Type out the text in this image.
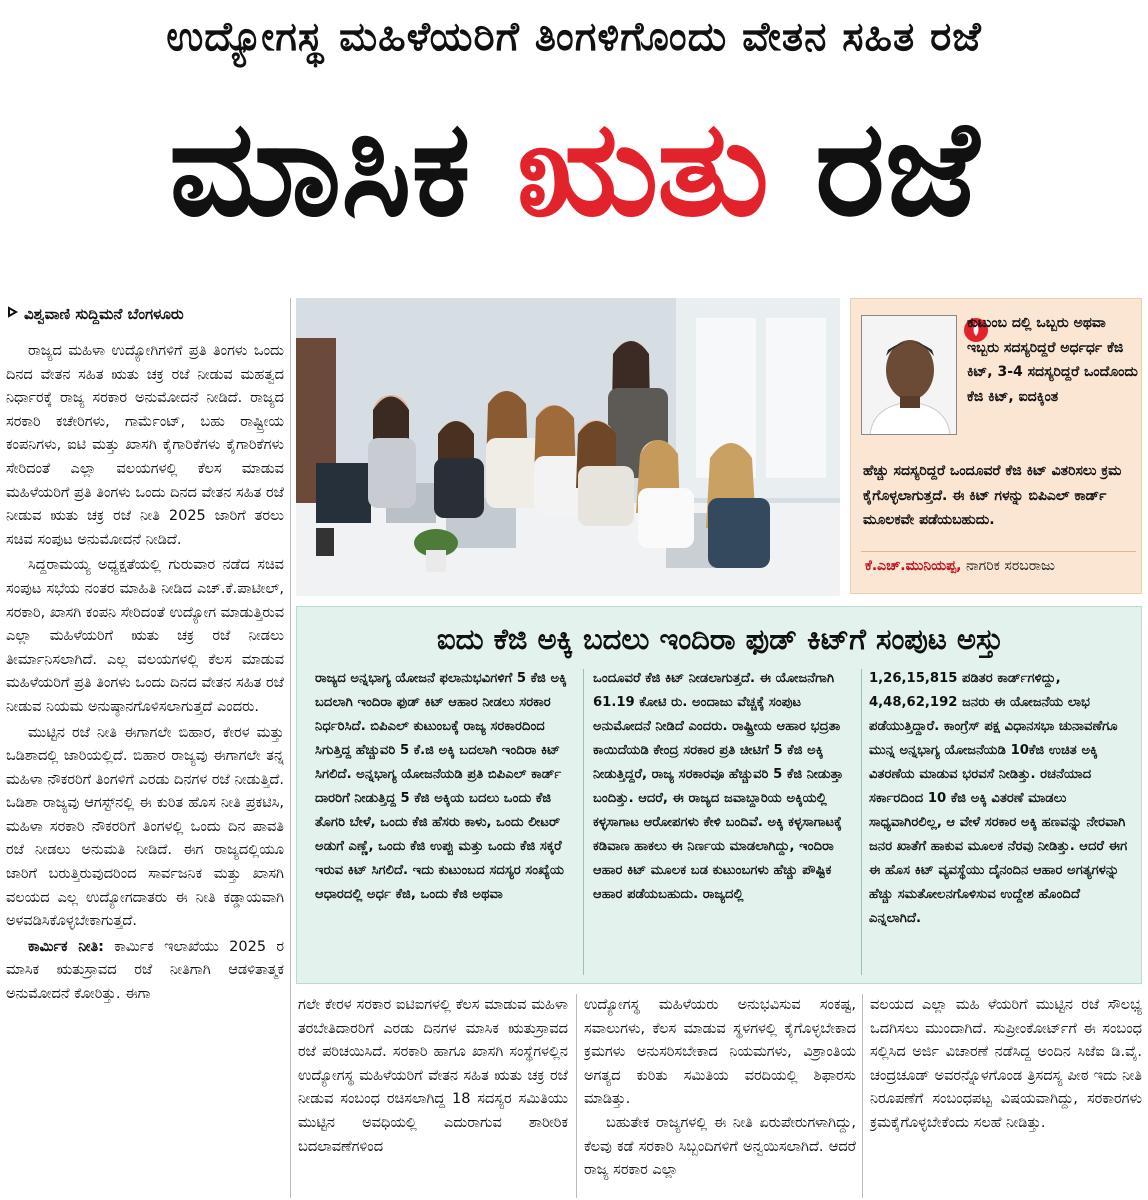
ಉದ್ಯೋಗಸ್ಥ ಮಹಿಳೆಯರಿಗೆ ತಿಂಗಳಿಗೊಂದು ವೇತನ ಸಹಿತ ರಜೆ
ಮಾಸಿಕ ಋತು ರಜೆ
ವಿಶ್ವವಾಣಿ ಸುದ್ದಿಮನೆ ಬೆಂಗಳೂರು

ರಾಜ್ಯದ ಮಹಿಳಾ ಉದ್ಯೋಗಿಗಳಿಗೆ ಪ್ರತಿ ತಿಂಗಳು ಒಂದು ದಿನದ ವೇತನ ಸಹಿತ ಋತು ಚಕ್ರ ರಜೆ ನೀಡುವ ಮಹತ್ವದ ನಿರ್ಧಾರಕ್ಕೆ ರಾಜ್ಯ ಸರಕಾರ ಅನುಮೋದನೆ ನೀಡಿದೆ. ರಾಜ್ಯದ ಸರಕಾರಿ ಕಚೇರಿಗಳು, ಗಾರ್ಮೆಂಟ್, ಬಹು ರಾಷ್ಟ್ರೀಯ ಕಂಪನಿಗಳು, ಐಟಿ ಮತ್ತು ಖಾಸಗಿ ಕೈಗಾರಿಕೆಗಳು ಕೈಗಾರಿಕೆಗಳು ಸೇರಿದಂತೆ ಎಲ್ಲಾ ವಲಯಗಳಲ್ಲಿ ಕೆಲಸ ಮಾಡುವ ಮಹಿಳೆಯರಿಗೆ ಪ್ರತಿ ತಿಂಗಳು ಒಂದು ದಿನದ ವೇತನ ಸಹಿತ ರಜೆ ನೀಡುವ ಋತು ಚಕ್ರ ರಜೆ ನೀತಿ 2025 ಜಾರಿಗೆ ತರಲು ಸಚಿವ ಸಂಪುಟ ಅನುಮೋದನೆ ನೀಡಿದೆ.

ಸಿದ್ದರಾಮಯ್ಯ ಅಧ್ಯಕ್ಷತೆಯಲ್ಲಿ ಗುರುವಾರ ನಡೆದ ಸಚಿವ ಸಂಪುಟ ಸಭೆಯ ನಂತರ ಮಾಹಿತಿ ನೀಡಿದ ಎಚ್.ಕೆ.ಪಾಟೀಲ್, ಸರಕಾರಿ, ಖಾಸಗಿ ಕಂಪನಿ ಸೇರಿದಂತೆ ಉದ್ಯೋಗ ಮಾಡುತ್ತಿರುವ ಎಲ್ಲಾ ಮಹಿಳೆಯರಿಗೆ ಋತು ಚಕ್ರ ರಜೆ ನೀಡಲು ತೀರ್ಮಾನಿಸಲಾಗಿದೆ. ಎಲ್ಲ ವಲಯಗಳಲ್ಲಿ ಕೆಲಸ ಮಾಡುವ ಮಹಿಳೆಯರಿಗೆ ಪ್ರತಿ ತಿಂಗಳು ಒಂದು ದಿನದ ವೇತನ ಸಹಿತ ರಜೆ ನೀಡುವ ನಿಯಮ ಅನುಷ್ಠಾನಗೊಳಿಸಲಾಗುತ್ತದೆ ಎಂದರು.

ಮುಟ್ಟಿನ ರಜೆ ನೀತಿ ಈಗಾಗಲೇ ಬಿಹಾರ, ಕೇರಳ ಮತ್ತು ಒಡಿಶಾದಲ್ಲಿ ಜಾರಿಯಲ್ಲಿದೆ. ಬಿಹಾರ ರಾಜ್ಯವು ಈಗಾಗಲೇ ತನ್ನ ಮಹಿಳಾ ನೌಕರರಿಗೆ ತಿಂಗಳಿಗೆ ಎರಡು ದಿನಗಳ ರಜೆ ನೀಡುತ್ತಿದೆ. ಒಡಿಶಾ ರಾಜ್ಯವು ಆಗಸ್ಟ್‌ನಲ್ಲಿ ಈ ಕುರಿತ ಹೊಸ ನೀತಿ ಪ್ರಕಟಿಸಿ, ಮಹಿಳಾ ಸರಕಾರಿ ನೌಕರರಿಗೆ ತಿಂಗಳಲ್ಲಿ ಒಂದು ದಿನ ಪಾವತಿ ರಜೆ ನೀಡಲು ಅನುಮತಿ ನೀಡಿದೆ. ಈಗ ರಾಜ್ಯದಲ್ಲಿಯೂ ಜಾರಿಗೆ ಬರುತ್ತಿರುವುದರಿಂದ ಸಾರ್ವಜನಿಕ ಮತ್ತು ಖಾಸಗಿ ವಲಯದ ಎಲ್ಲ ಉದ್ಯೋಗದಾತರು ಈ ನೀತಿ ಕಡ್ಡಾಯವಾಗಿ ಅಳವಡಿಸಿಕೊಳ್ಳಬೇಕಾಗುತ್ತದೆ.

ಕಾರ್ಮಿಕ ನೀತಿ: ಕಾರ್ಮಿಕ ಇಲಾಖೆಯು 2025 ರ ಮಾಸಿಕ ಋತುಸ್ರಾವದ ರಜೆ ನೀತಿಗಾಗಿ ಆಡಳಿತಾತ್ಮಕ ಅನುಮೋದನೆ ಕೋರಿತ್ತು. ಈಗಾ

ಕುಟುಂಬ ದಲ್ಲಿ ಒಬ್ಬರು ಅಥವಾ ಇಬ್ಬರು ಸದಸ್ಯರಿದ್ದರೆ ಅರ್ಧರ್ಧ ಕೆಜಿ ಕಿಟ್, 3-4 ಸದಸ್ಯರಿದ್ದರೆ ಒಂದೊಂದು ಕೆಜಿ ಕಿಟ್, ಐದಕ್ಕಿಂತ
ಹೆಚ್ಚು ಸದಸ್ಯರಿದ್ದರೆ ಒಂದೂವರೆ ಕೆಜಿ ಕಿಟ್ ವಿತರಿಸಲು ಕ್ರಮ ಕೈಗೊಳ್ಳಲಾಗುತ್ತದೆ. ಈ ಕಿಟ್ ಗಳನ್ನು ಬಿಪಿಎಲ್ ಕಾರ್ಡ್ ಮೂಲಕವೇ ಪಡೆಯಬಹುದು.
ಕೆ.ಎಚ್.ಮುನಿಯಪ್ಪ, ನಾಗರಿಕ ಸರಬರಾಜು
ಐದು ಕೆಜಿ ಅಕ್ಕಿ ಬದಲು ಇಂದಿರಾ ಫುಡ್ ಕಿಟ್‌ಗೆ ಸಂಪುಟ ಅಸ್ತು
ರಾಜ್ಯದ ಅನ್ನಭಾಗ್ಯ ಯೋಜನೆ ಫಲಾನುಭವಿಗಳಿಗೆ 5 ಕೆಜಿ ಅಕ್ಕಿ ಬದಲಾಗಿ ಇಂದಿರಾ ಫುಡ್ ಕಿಟ್ ಆಹಾರ ನೀಡಲು ಸರಕಾರ ನಿರ್ಧರಿಸಿದೆ. ಬಿಪಿಎಲ್ ಕುಟುಂಬಕ್ಕೆ ರಾಜ್ಯ ಸರಕಾರದಿಂದ ಸಿಗುತ್ತಿದ್ದ ಹೆಚ್ಚುವರಿ 5 ಕೆ.ಜಿ ಅಕ್ಕಿ ಬದಲಾಗಿ ಇಂದಿರಾ ಕಿಟ್ ಸಿಗಲಿದೆ. ಅನ್ನಭಾಗ್ಯ ಯೋಜನೆಯಡಿ ಪ್ರತಿ ಬಿಪಿಎಲ್ ಕಾರ್ಡ್ ದಾರರಿಗೆ ನೀಡುತ್ತಿದ್ದ 5 ಕೆಜಿ ಅಕ್ಕಿಯ ಬದಲು ಒಂದು ಕೆಜಿ ತೊಗರಿ ಬೇಳೆ, ಒಂದು ಕೆಜಿ ಹೆಸರು ಕಾಳು, ಒಂದು ಲೀಟರ್ ಅಡುಗೆ ಎಣ್ಣೆ, ಒಂದು ಕೆಜಿ ಉಪ್ಪು ಮತ್ತು ಒಂದು ಕೆಜಿ ಸಕ್ಕರೆ ಇರುವ ಕಿಟ್ ಸಿಗಲಿದೆ. ಇದು ಕುಟುಂಬದ ಸದಸ್ಯರ ಸಂಖ್ಯೆಯ ಆಧಾರದಲ್ಲಿ ಅರ್ಧ ಕೆಜಿ, ಒಂದು ಕೆಜಿ ಅಥವಾ
ಒಂದೂವರೆ ಕೆಜಿ ಕಿಟ್ ನೀಡಲಾಗುತ್ತದೆ. ಈ ಯೋಜನೆಗಾಗಿ 61.19 ಕೋಟಿ ರು. ಅಂದಾಜು ವೆಚ್ಚಕ್ಕೆ ಸಂಪುಟ ಅನುಮೋದನೆ ನೀಡಿದೆ ಎಂದರು. ರಾಷ್ಟ್ರೀಯ ಆಹಾರ ಭದ್ರತಾ ಕಾಯಿದೆಯಡಿ ಕೇಂದ್ರ ಸರಕಾರ ಪ್ರತಿ ಚೀಟಿಗೆ 5 ಕೆಜಿ ಅಕ್ಕಿ ನೀಡುತ್ತಿದ್ದರೆ, ರಾಜ್ಯ ಸರಕಾರವೂ ಹೆಚ್ಚುವರಿ 5 ಕೆಜಿ ನೀಡುತ್ತಾ ಬಂದಿತ್ತು. ಆದರೆ, ಈ ರಾಜ್ಯದ ಜವಾಬ್ದಾರಿಯ ಅಕ್ಕಿಯಲ್ಲಿ ಕಳ್ಳಸಾಗಾಟ ಆರೋಪಗಳು ಕೇಳಿ ಬಂದಿವೆ. ಅಕ್ಕಿ ಕಳ್ಳಸಾಗಾಟಕ್ಕೆ ಕಡಿವಾಣ ಹಾಕಲು ಈ ನಿರ್ಣಯ ಮಾಡಲಾಗಿದ್ದು, ಇಂದಿರಾ ಆಹಾರ ಕಿಟ್ ಮೂಲಕ ಬಡ ಕುಟುಂಬಗಳು ಹೆಚ್ಚು ಪೌಷ್ಟಿಕ ಆಹಾರ ಪಡೆಯಬಹುದು. ರಾಜ್ಯದಲ್ಲಿ
1,26,15,815 ಪಡಿತರ ಕಾರ್ಡ್‌ಗಳಿದ್ದು, 4,48,62,192 ಜನರು ಈ ಯೋಜನೆಯ ಲಾಭ ಪಡೆಯುತ್ತಿದ್ದಾರೆ. ಕಾಂಗ್ರೆಸ್ ಪಕ್ಷ ವಿಧಾನಸಭಾ ಚುನಾವಣೆಗೂ ಮುನ್ನ ಅನ್ನಭಾಗ್ಯ ಯೋಜನೆಯಡಿ 10ಕೆಜಿ ಉಚಿತ ಅಕ್ಕಿ ವಿತರಣೆಯ ಮಾಡುವ ಭರವಸೆ ನೀಡಿತ್ತು. ರಚನೆಯಾದ ಸರ್ಕಾರದಿಂದ 10 ಕೆಜಿ ಅಕ್ಕಿ ವಿತರಣೆ ಮಾಡಲು ಸಾಧ್ಯವಾಗಿರಲಿಲ್ಲ, ಆ ವೇಳೆ ಸರಕಾರ ಅಕ್ಕಿ ಹಣವನ್ನು ನೇರವಾಗಿ ಜನರ ಖಾತೆಗೆ ಹಾಕುವ ಮೂಲಕ ನೆರವು ನೀಡಿತ್ತು. ಆದರೆ ಈಗ ಈ ಹೊಸ ಕಿಟ್ ವ್ಯವಸ್ಥೆಯು ದೈನಂದಿನ ಆಹಾರ ಅಗತ್ಯಗಳನ್ನು ಹೆಚ್ಚು ಸಮತೋಲನಗೊಳಿಸುವ ಉದ್ದೇಶ ಹೊಂದಿದೆ ಎನ್ನಲಾಗಿದೆ.
ಗಲೇ ಕೇರಳ ಸರಕಾರ ಐಟಿಐಗಳಲ್ಲಿ ಕೆಲಸ ಮಾಡುವ ಮಹಿಳಾ ತರಬೇತಿದಾರರಿಗೆ ಎರಡು ದಿನಗಳ ಮಾಸಿಕ ಋತುಸ್ರಾವದ ರಜೆ ಪರಿಚಯಿಸಿದೆ. ಸರಕಾರಿ ಹಾಗೂ ಖಾಸಗಿ ಸಂಸ್ಥೆಗಳಲ್ಲಿನ ಉದ್ಯೋಗಸ್ಥ ಮಹಿಳೆಯರಿಗೆ ವೇತನ ಸಹಿತ ಋತು ಚಕ್ರ ರಜೆ ನೀಡುವ ಸಂಬಂಧ ರಚಿಸಲಾಗಿದ್ದ 18 ಸದಸ್ಯರ ಸಮಿತಿಯು ಮುಟ್ಟಿನ ಅವಧಿಯಲ್ಲಿ ಎದುರಾಗುವ ಶಾರೀರಿಕ ಬದಲಾವಣೆಗಳಿಂದ

ಉದ್ಯೋಗಸ್ಥ ಮಹಿಳೆಯರು ಅನುಭವಿಸುವ ಸಂಕಷ್ಟ, ಸವಾಲುಗಳು, ಕೆಲಸ ಮಾಡುವ ಸ್ಥಳಗಳಲ್ಲಿ ಕೈಗೊಳ್ಳಬೇಕಾದ ಕ್ರಮಗಳು ಅನುಸರಿಸಬೇಕಾದ ನಿಯಮಗಳು, ವಿಶ್ರಾಂತಿಯ ಅಗತ್ಯದ ಕುರಿತು ಸಮಿತಿಯ ವರದಿಯಲ್ಲಿ ಶಿಫಾರಸು ಮಾಡಿತ್ತು.

ಬಹುತೇಕ ರಾಜ್ಯಗಳಲ್ಲಿ ಈ ನೀತಿ ಏರುಪೇರುಗಳಾಗಿದ್ದು, ಕೆಲವು ಕಡೆ ಸರಕಾರಿ ಸಿಬ್ಬಂದಿಗಳಿಗೆ ಅನ್ವಯಿಸಲಾಗಿದೆ. ಆದರೆ ರಾಜ್ಯ ಸರಕಾರ ಎಲ್ಲಾ

ವಲಯದ ಎಲ್ಲಾ ಮಹಿ ಳೆಯರಿಗೆ ಮುಟ್ಟಿನ ರಜೆ ಸೌಲಭ್ಯ ಒದಗಿಸಲು ಮುಂದಾಗಿದೆ. ಸುಪ್ರೀಂಕೋರ್ಟ್‌ಗೆ ಈ ಸಂಬಂಧ ಸಲ್ಲಿಸಿದ ಅರ್ಜಿ ವಿಚಾರಣೆ ನಡೆಸಿದ್ದ ಅಂದಿನ ಸಿಜೆಐ ಡಿ.ವೈ. ಚಂದ್ರಚೂಡ್ ಅವರನ್ನೊಳಗೊಂಡ ತ್ರಿಸದಸ್ಯ ಪೀಠ ಇದು ನೀತಿ ನಿರೂಪಣೆಗೆ ಸಂಬಂಧಪಟ್ಟ ವಿಷಯವಾಗಿದ್ದು, ಸರಕಾರಗಳು ಕ್ರಮಕೈಗೊಳ್ಳಬೇಕೆಂದು ಸಲಹೆ ನೀಡಿತ್ತು.
